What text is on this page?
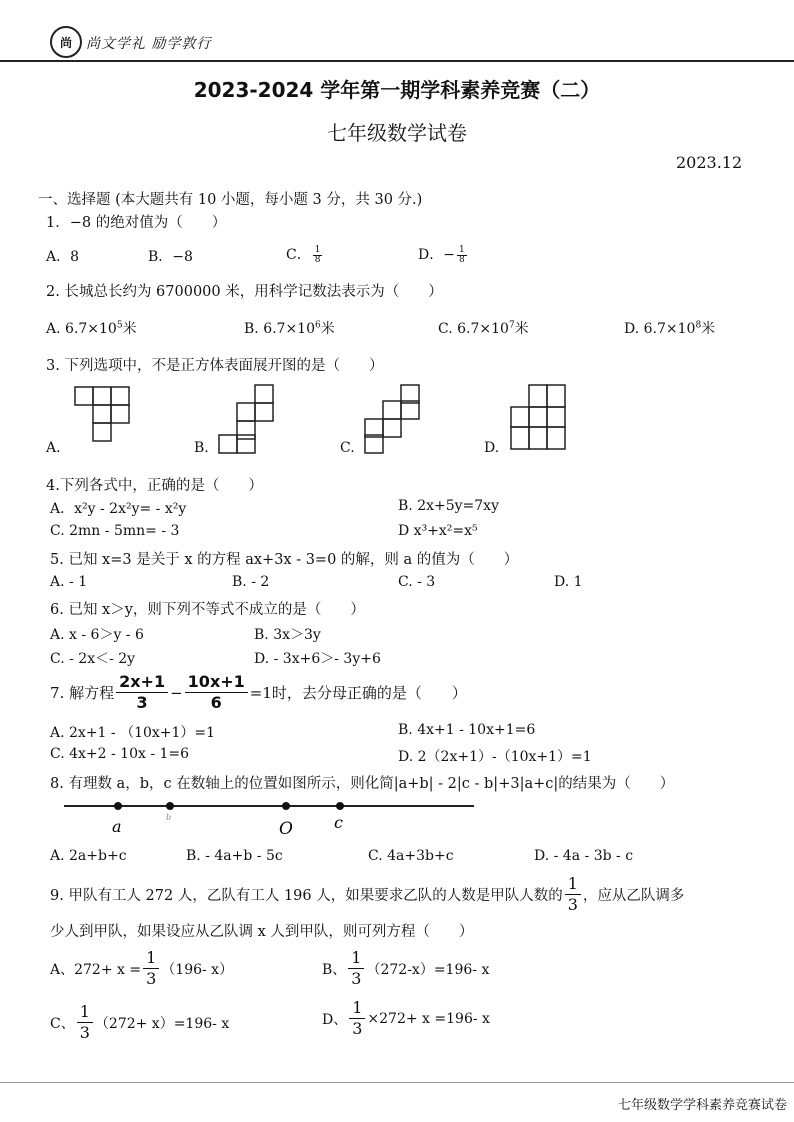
尚 尚文学礼 励学敦行
2023-2024 学年第一期学科素养竞赛（二）
七年级数学试卷
2023.12
一、选择题 (本大题共有 10 小题，每小题 3 分，共 30 分.)
1．−8 的绝对值为（　　）
A．8	B．−8	C． $\frac{1}{8}$	D．− $\frac{1}{8}$
2. 长城总长约为 6700000 米，用科学记数法表示为（　　）
A. $6.7\times 10^5$米	B. $6.7\times 10^6$米	C. $6.7\times 10^7$米	D. $6.7\times 10^8$米
3. 下列选项中，不是正方体表面展开图的是（　　）
A.	B.	C.	D.
4.下列各式中，正确的是（　　）
A．x²y - 2x²y= - x²y	B. 2x+5y=7xy
C. 2mn - 5mn= - 3	D x³+x²=x⁵
5. 已知 x=3 是关于 x 的方程 ax+3x - 3=0 的解，则 a 的值为（　　）
A. - 1	B. - 2	C. - 3	D. 1
6. 已知 x＞y，则下列不等式不成立的是（　　）
A. x - 6＞y - 6	B. 3x＞3y
C. - 2x＜- 2y	D. - 3x+6＞- 3y+6
7. 解方程 $\frac{2x+1}{3} - \frac{10x+1}{6} =1$时，去分母正确的是（　　）
A. 2x+1 - （10x+1）=1	B. 4x+1 - 10x+1=6
C. 4x+2 - 10x - 1=6	D. 2（2x+1）-（10x+1）=1
8. 有理数 a，b，c 在数轴上的位置如图所示，则化简|a+b| - 2|c - b|+3|a+c|的结果为（　　）
a	b
O	c
A. 2a+b+c	B. - 4a+b - 5c	C. 4a+3b+c	D. - 4a - 3b - c
9. 甲队有工人 272 人，乙队有工人 196 人，如果要求乙队的人数是甲队人数的 $\frac{1}{3}$ ，应从乙队调多
少人到甲队，如果设应从乙队调 x 人到甲队，则可列方程（　　）
A、$272+ x = \frac{1}{3} (196-$ x）	B、 $\frac{1}{3} (272-x)=196-$ x
C、 $\frac{1}{3} (272+ x)=196-$ x	D、 $\frac{1}{3} \times 272+ x =196-$ x
七年级数学学科素养竞赛试卷
